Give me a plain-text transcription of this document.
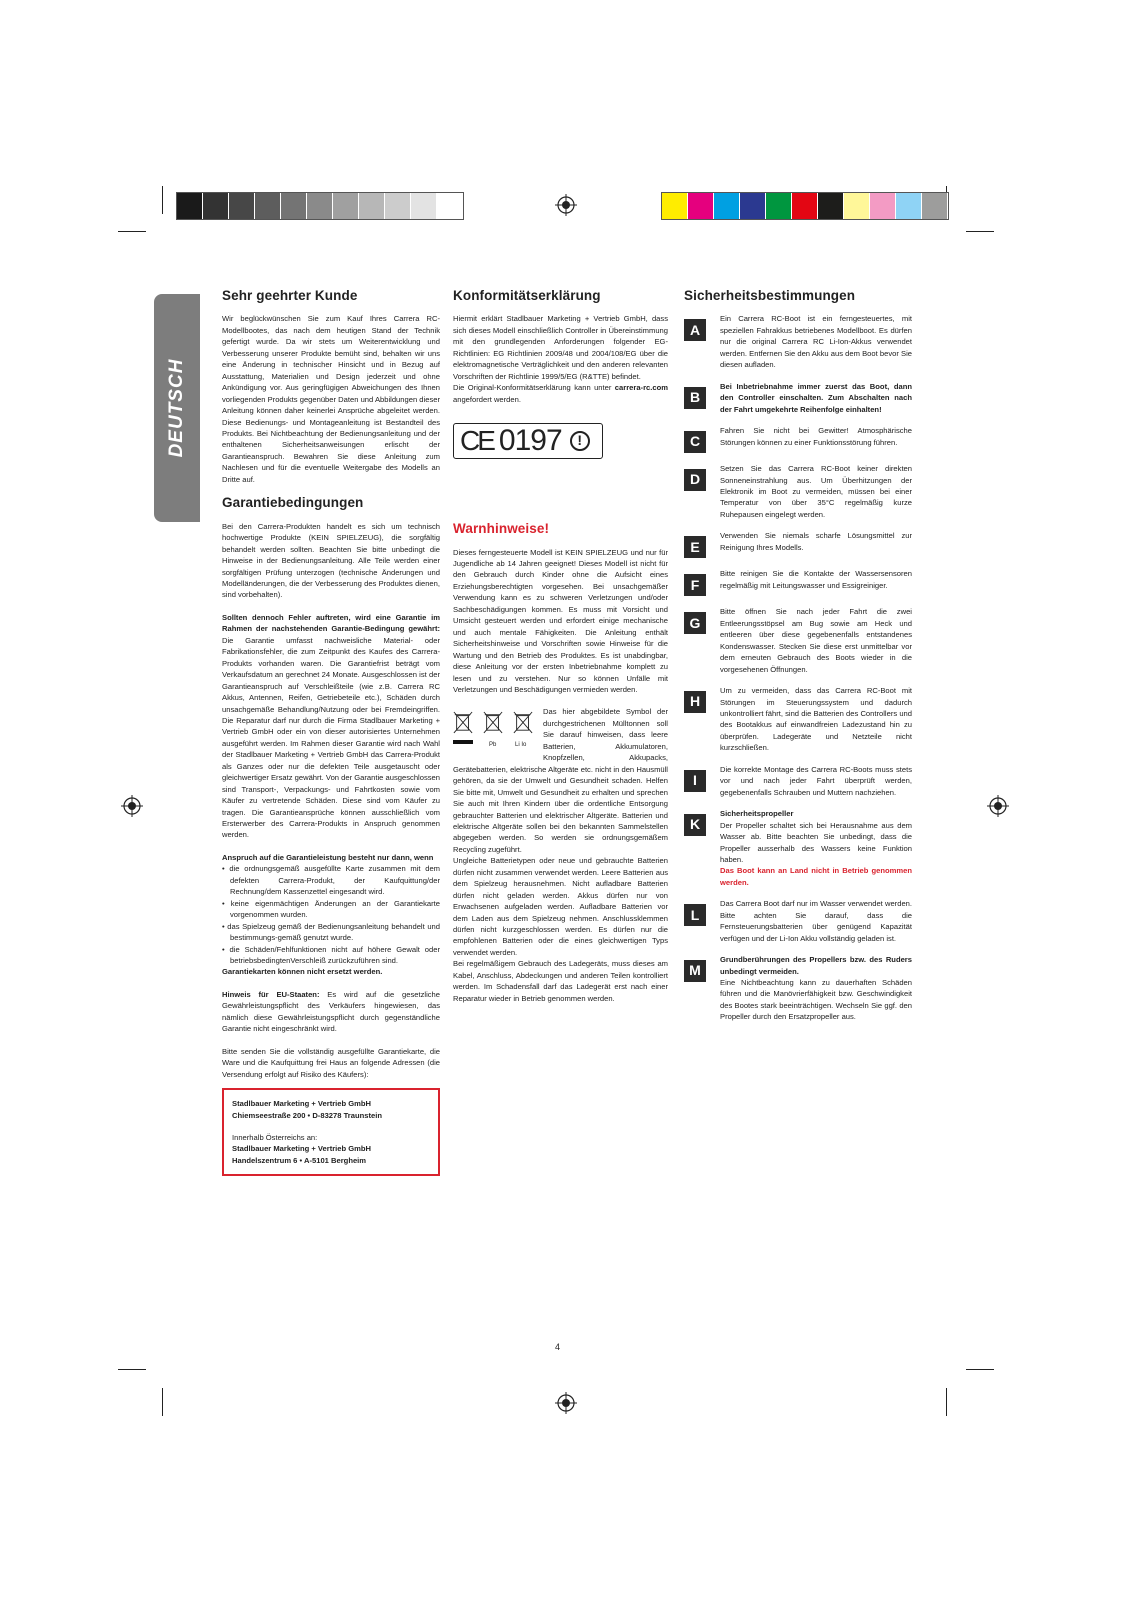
DEUTSCH
Sehr geehrter Kunde

Wir beglückwünschen Sie zum Kauf Ihres Carrera RC-Modellbootes, das nach dem heutigen Stand der Technik gefertigt wurde. Da wir stets um Weiterentwicklung und Verbesserung unserer Produkte bemüht sind, behalten wir uns eine Änderung in technischer Hinsicht und in Bezug auf Ausstattung, Materialien und Design jederzeit und ohne Ankündigung vor. Aus geringfügigen Abweichungen des Ihnen vorliegenden Produkts gegenüber Daten und Abbildungen dieser Anleitung können daher keinerlei Ansprüche abgeleitet werden. Diese Bedienungs- und Montageanleitung ist Bestandteil des Produkts. Bei Nichtbeachtung der Bedienungsanleitung und der enthaltenen Sicherheitsanweisungen erlischt der Garantieanspruch. Bewahren Sie diese Anleitung zum Nachlesen und für die eventuelle Weitergabe des Modells an Dritte auf.

Garantiebedingungen

Bei den Carrera-Produkten handelt es sich um technisch hochwertige Produkte (KEIN SPIELZEUG), die sorgfältig behandelt werden sollten. Beachten Sie bitte unbedingt die Hinweise in der Bedienungsanleitung. Alle Teile werden einer sorgfältigen Prüfung unterzogen (technische Änderungen und Modelländerungen, die der Verbesserung des Produktes dienen, sind vorbehalten).

Sollten dennoch Fehler auftreten, wird eine Garantie im Rahmen der nachstehenden Garantie-Bedingung gewährt: Die Garantie umfasst nachweisliche Material- oder Fabrikationsfehler, die zum Zeitpunkt des Kaufes des Carrera-Produkts vorhanden waren. Die Garantiefrist beträgt vom Verkaufsdatum an gerechnet 24 Monate. Ausgeschlossen ist der Garantieanspruch auf Verschleißteile (wie z.B. Carrera RC Akkus, Antennen, Reifen, Getriebeteile etc.), Schäden durch unsachgemäße Behandlung/Nutzung oder bei Fremdeingriffen. Die Reparatur darf nur durch die Firma Stadlbauer Marketing + Vertrieb GmbH oder ein von dieser autorisiertes Unternehmen ausgeführt werden. Im Rahmen dieser Garantie wird nach Wahl der Stadlbauer Marketing + Vertrieb GmbH das Carrera-Produkt als Ganzes oder nur die defekten Teile ausgetauscht oder gleichwertiger Ersatz gewährt. Von der Garantie ausgeschlossen sind Transport-, Verpackungs- und Fahrtkosten sowie vom Käufer zu vertretende Schäden. Diese sind vom Käufer zu tragen. Die Garantieansprüche können ausschließlich vom Ersterwerber des Carrera-Produkts in Anspruch genommen werden.

Anspruch auf die Garantieleistung besteht nur dann, wenn

• die ordnungsgemäß ausgefüllte Karte zusammen mit dem defekten Carrera-Produkt, der Kaufquittung/der Rechnung/dem Kassenzettel eingesandt wird.
• keine eigenmächtigen Änderungen an der Garantiekarte vorgenommen wurden.
• das Spielzeug gemäß der Bedienungsanleitung behandelt und bestimmungs-gemäß genutzt wurde.
• die Schäden/Fehlfunktionen nicht auf höhere Gewalt oder betriebsbedingtenVerschleiß zurückzuführen sind.

Garantiekarten können nicht ersetzt werden.

Hinweis für EU-Staaten: Es wird auf die gesetzliche Gewährleistungspflicht des Verkäufers hingewiesen, das nämlich diese Gewährleistungspflicht durch gegenständliche Garantie nicht eingeschränkt wird.

Bitte senden Sie die vollständig ausgefüllte Garantiekarte, die Ware und die Kaufquittung frei Haus an folgende Adressen (die Versendung erfolgt auf Risiko des Käufers):

Stadlbauer Marketing + Vertrieb GmbH
Chiemseestraße 200 • D-83278 Traunstein
Innerhalb Österreichs an:
Stadlbauer Marketing + Vertrieb GmbH
Handelszentrum 6 • A-5101 Bergheim
Konformitätserklärung

Hiermit erklärt Stadlbauer Marketing + Vertrieb GmbH, dass sich dieses Modell einschließlich Controller in Übereinstimmung mit den grundlegenden Anforderungen folgender EG-Richtlinien: EG Richtlinien 2009/48 und 2004/108/EG über die elektromagnetische Verträglichkeit und den anderen relevanten Vorschriften der Richtlinie 1999/5/EG (R&TTE) befindet.

Die Original-Konformitätserklärung kann unter carrera-rc.com angefordert werden.

CE 0197	!
Warnhinweise!

Dieses ferngesteuerte Modell ist KEIN SPIELZEUG und nur für Jugendliche ab 14 Jahren geeignet! Dieses Modell ist nicht für den Gebrauch durch Kinder ohne die Aufsicht eines Erziehungsberechtigten vorgesehen. Bei unsachgemäßer Verwendung kann es zu schweren Verletzungen und/oder Sachbeschädigungen kommen. Es muss mit Vorsicht und Umsicht gesteuert werden und erfordert einige mechanische und auch mentale Fähigkeiten. Die Anleitung enthält Sicherheitshinweise und Vorschriften sowie Hinweise für die Wartung und den Betrieb des Produktes. Es ist unabdingbar, diese Anleitung vor der ersten Inbetriebnahme komplett zu lesen und zu verstehen. Nur so können Unfälle mit Verletzungen und Beschädigungen vermieden werden.

Pb	Li Io

Das hier abgebildete Symbol der durchgestrichenen Mülltonnen soll Sie darauf hinweisen, dass leere Batterien, Akkumulatoren, Knopfzellen, Akkupacks, Gerätebatterien, elektrische Altgeräte etc. nicht in den Hausmüll gehören, da sie der Umwelt und Gesundheit schaden. Helfen Sie bitte mit, Umwelt und Gesundheit zu erhalten und sprechen Sie auch mit Ihren Kindern über die ordentliche Entsorgung gebrauchter Batterien und elektrischer Altgeräte. Batterien und elektrische Altgeräte sollen bei den bekannten Sammelstellen abgegeben werden. So werden sie ordnungsgemäßem Recycling zugeführt.

Ungleiche Batterietypen oder neue und gebrauchte Batterien dürfen nicht zusammen verwendet werden. Leere Batterien aus dem Spielzeug herausnehmen. Nicht aufladbare Batterien dürfen nicht geladen werden. Akkus dürfen nur von Erwachsenen aufgeladen werden. Aufladbare Batterien vor dem Laden aus dem Spielzeug nehmen. Anschlussklemmen dürfen nicht kurzgeschlossen werden. Es dürfen nur die empfohlenen Batterien oder die eines gleichwertigen Typs verwendet werden.

Bei regelmäßigem Gebrauch des Ladegeräts, muss dieses am Kabel, Anschluss, Abdeckungen und anderen Teilen kontrolliert werden. Im Schadensfall darf das Ladegerät erst nach einer Reparatur wieder in Betrieb genommen werden.

Sicherheitsbestimmungen
A
Ein Carrera RC-Boot ist ein ferngesteuertes, mit speziellen Fahrakkus betriebenes Modellboot. Es dürfen nur die original Carrera RC Li-Ion-Akkus verwendet werden. Entfernen Sie den Akku aus dem Boot bevor Sie diesen aufladen.
B
Bei Inbetriebnahme immer zuerst das Boot, dann den Controller einschalten. Zum Abschalten nach der Fahrt umgekehrte Reihenfolge einhalten!
C
Fahren Sie nicht bei Gewitter! Atmosphärische Störungen können zu einer Funktionsstörung führen.
D
Setzen Sie das Carrera RC-Boot keiner direkten Sonneneinstrahlung aus. Um Überhitzungen der Elektronik im Boot zu vermeiden, müssen bei einer Temperatur von über 35°C regelmäßig kurze Ruhepausen eingelegt werden.
E
Verwenden Sie niemals scharfe Lösungsmittel zur Reinigung Ihres Modells.
F
Bitte reinigen Sie die Kontakte der Wassersensoren regelmäßig mit Leitungswasser und Essigreiniger.
G
Bitte öffnen Sie nach jeder Fahrt die zwei Entleerungsstöpsel am Bug sowie am Heck und entleeren über diese gegebenenfalls entstandenes Kondenswasser. Stecken Sie diese erst unmittelbar vor dem erneuten Gebrauch des Boots wieder in die vorgesehenen Öffnungen.
H
Um zu vermeiden, dass das Carrera RC-Boot mit Störungen im Steuerungssystem und dadurch unkontrolliert fährt, sind die Batterien des Controllers und des Bootakkus auf einwandfreien Ladezustand hin zu überprüfen. Ladegeräte und Netzteile nicht kurzschließen.
I
Die korrekte Montage des Carrera RC-Boots muss stets vor und nach jeder Fahrt überprüft werden, gegebenenfalls Schrauben und Muttern nachziehen.
K
Sicherheitspropeller
Der Propeller schaltet sich bei Herausnahme aus dem Wasser ab. Bitte beachten Sie unbedingt, dass die Propeller ausserhalb des Wassers keine Funktion haben.
Das Boot kann an Land nicht in Betrieb genommen werden.
L
Das Carrera Boot darf nur im Wasser verwendet werden. Bitte achten Sie darauf, dass die Fernsteuerungsbatterien über genügend Kapazität verfügen und der Li-Ion Akku vollständig geladen ist.
M
Grundberührungen des Propellers bzw. des Ruders unbedingt vermeiden.
Eine Nichtbeachtung kann zu dauerhaften Schäden führen und die Manövrierfähigkeit bzw. Geschwindigkeit des Bootes stark beeinträchtigen. Wechseln Sie ggf. den Propeller durch den Ersatzpropeller aus.
4
